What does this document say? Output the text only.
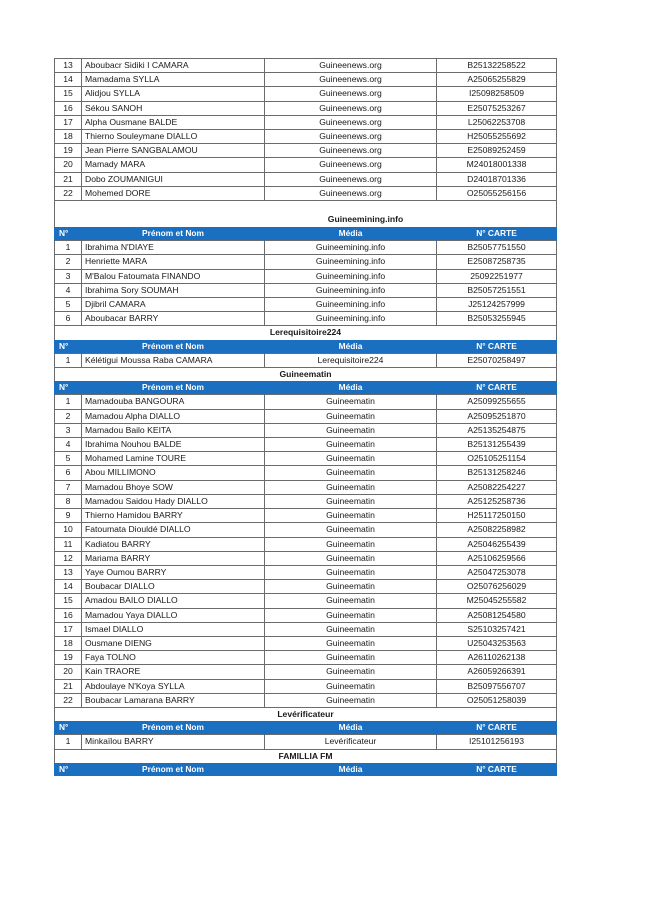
13	Aboubacr Sidiki I CAMARA	Guineenews.org	B25132258522
14	Mamadama SYLLA	Guineenews.org	A25065255829
15	Alidjou SYLLA	Guineenews.org	I25098258509
16	Sékou SANOH	Guineenews.org	E25075253267
17	Alpha Ousmane BALDE	Guineenews.org	L25062253708
18	Thierno Souleymane DIALLO	Guineenews.org	H25055255692
19	Jean Pierre SANGBALAMOU	Guineenews.org	E25089252459
20	Mamady MARA	Guineenews.org	M24018001338
21	Dobo ZOUMANIGUI	Guineenews.org	D24018701336
22	Mohemed DORE	Guineenews.org	O25055256156
Guineemining.info			
N°	Prénom et Nom	Média	N° CARTE
1	Ibrahima N'DIAYE	Guineemining.info	B25057751550
2	Henriette MARA	Guineemining.info	E25087258735
3	M'Balou Fatoumata FINANDO	Guineemining.info	25092251977
4	Ibrahima Sory SOUMAH	Guineemining.info	B25057251551
5	Djibril CAMARA	Guineemining.info	J25124257999
6	Aboubacar BARRY	Guineemining.info	B25053255945
Lerequisitoire224			
N°	Prénom et Nom	Média	N° CARTE
1	Kélétigui Moussa Raba CAMARA	Lerequisitoire224	E25070258497
Guineematin			
N°	Prénom et Nom	Média	N° CARTE
1	Mamadouba BANGOURA	Guineematin	A25099255655
2	Mamadou Alpha DIALLO	Guineematin	A25095251870
3	Mamadou Bailo KEITA	Guineematin	A25135254875
4	Ibrahima Nouhou BALDE	Guineematin	B25131255439
5	Mohamed Lamine TOURE	Guineematin	O25105251154
6	Abou MILLIMONO	Guineematin	B25131258246
7	Mamadou Bhoye SOW	Guineematin	A25082254227
8	Mamadou Saidou Hady DIALLO	Guineematin	A25125258736
9	Thierno Hamidou BARRY	Guineematin	H25117250150
10	Fatoumata Diouldé DIALLO	Guineematin	A25082258982
11	Kadiatou BARRY	Guineematin	A25046255439
12	Mariama BARRY	Guineematin	A25106259566
13	Yaye Oumou BARRY	Guineematin	A25047253078
14	Boubacar DIALLO	Guineematin	O25076256029
15	Amadou BAILO DIALLO	Guineematin	M25045255582
16	Mamadou Yaya DIALLO	Guineematin	A25081254580
17	Ismael DIALLO	Guineematin	S25103257421
18	Ousmane DIENG	Guineematin	U25043253563
19	Faya TOLNO	Guineematin	A26110262138
20	Kain TRAORE	Guineematin	A26059266391
21	Abdoulaye N'Koya SYLLA	Guineematin	B25097556707
22	Boubacar Lamarana BARRY	Guineematin	O25051258039
Levérificateur			
N°	Prénom et Nom	Média	N° CARTE
1	Minkaïlou BARRY	Levérificateur	I25101256193
FAMILLIA FM			
N°	Prénom et Nom	Média	N° CARTE
